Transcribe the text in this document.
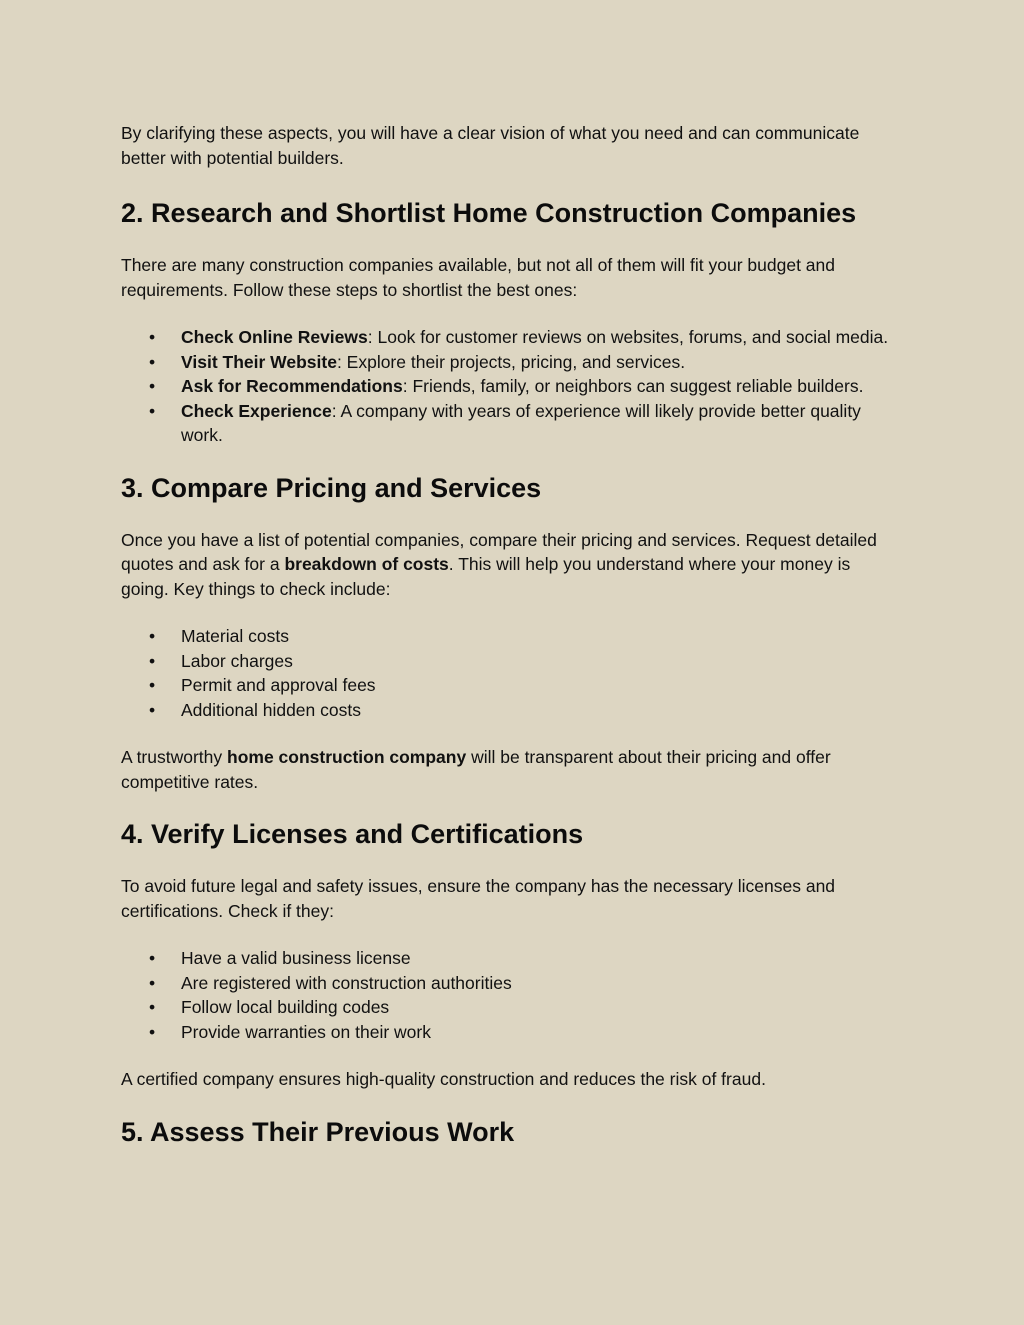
By clarifying these aspects, you will have a clear vision of what you need and can communicate better with potential builders.

2. Research and Shortlist Home Construction Companies

There are many construction companies available, but not all of them will fit your budget and requirements. Follow these steps to shortlist the best ones:

• Check Online Reviews: Look for customer reviews on websites, forums, and social media.
• Visit Their Website: Explore their projects, pricing, and services.
• Ask for Recommendations: Friends, family, or neighbors can suggest reliable builders.
• Check Experience: A company with years of experience will likely provide better quality work.
3. Compare Pricing and Services

Once you have a list of potential companies, compare their pricing and services. Request detailed quotes and ask for a breakdown of costs. This will help you understand where your money is going. Key things to check include:

• Material costs
• Labor charges
• Permit and approval fees
• Additional hidden costs

A trustworthy home construction company will be transparent about their pricing and offer competitive rates.

4. Verify Licenses and Certifications

To avoid future legal and safety issues, ensure the company has the necessary licenses and certifications. Check if they:

• Have a valid business license
• Are registered with construction authorities
• Follow local building codes
• Provide warranties on their work

A certified company ensures high-quality construction and reduces the risk of fraud.

5. Assess Their Previous Work
